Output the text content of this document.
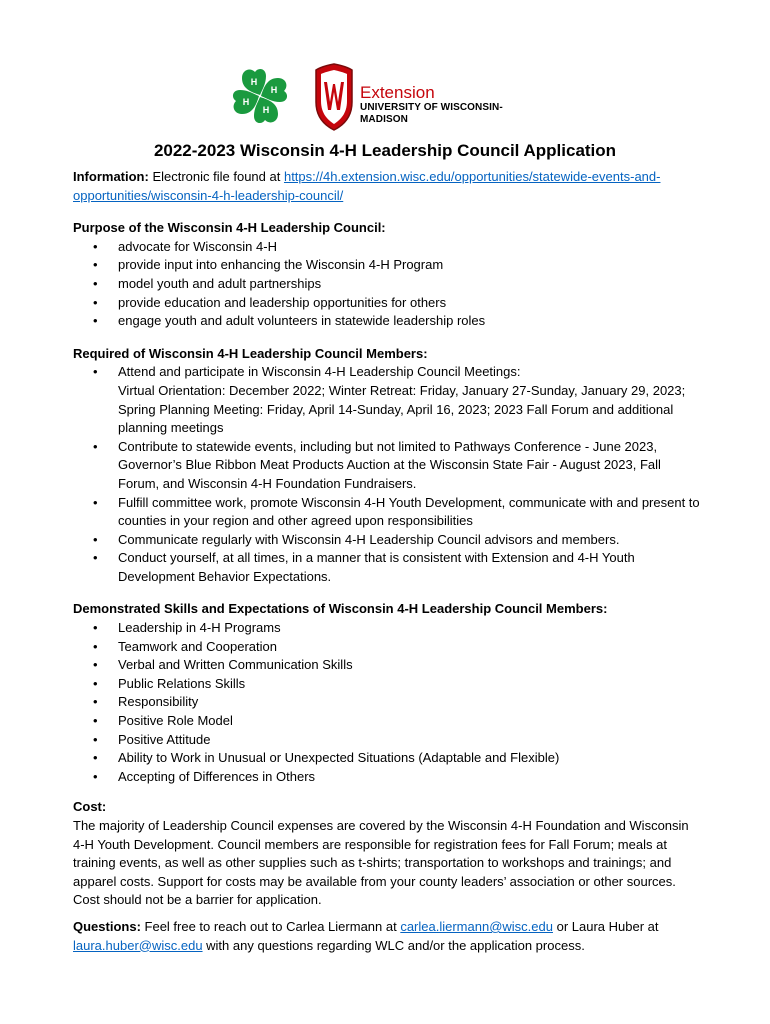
H
H
H
H	Extension
UNIVERSITY OF WISCONSIN-MADISON
2022-2023 Wisconsin 4-H Leadership Council Application

Information: Electronic file found at https://4h.extension.wisc.edu/opportunities/statewide-events-and-opportunities/wisconsin-4-h-leadership-council/

Purpose of the Wisconsin 4-H Leadership Council:

• advocate for Wisconsin 4-H
• provide input into enhancing the Wisconsin 4-H Program
• model youth and adult partnerships
• provide education and leadership opportunities for others
• engage youth and adult volunteers in statewide leadership roles

Required of Wisconsin 4-H Leadership Council Members:

• Attend and participate in Wisconsin 4-H Leadership Council Meetings:
Virtual Orientation: December 2022; Winter Retreat: Friday, January 27-Sunday, January 29, 2023; Spring Planning Meeting: Friday, April 14-Sunday, April 16, 2023; 2023 Fall Forum and additional planning meetings
• Contribute to statewide events, including but not limited to Pathways Conference - June 2023, Governor’s Blue Ribbon Meat Products Auction at the Wisconsin State Fair - August 2023, Fall Forum, and Wisconsin 4-H Foundation Fundraisers.
• Fulfill committee work, promote Wisconsin 4-H Youth Development, communicate with and present to counties in your region and other agreed upon responsibilities
• Communicate regularly with Wisconsin 4-H Leadership Council advisors and members.
• Conduct yourself, at all times, in a manner that is consistent with Extension and 4-H Youth Development Behavior Expectations.

Demonstrated Skills and Expectations of Wisconsin 4-H Leadership Council Members:

• Leadership in 4-H Programs
• Teamwork and Cooperation
• Verbal and Written Communication Skills
• Public Relations Skills
• Responsibility
• Positive Role Model
• Positive Attitude
• Ability to Work in Unusual or Unexpected Situations (Adaptable and Flexible)
• Accepting of Differences in Others

Cost:

The majority of Leadership Council expenses are covered by the Wisconsin 4-H Foundation and Wisconsin 4-H Youth Development. Council members are responsible for registration fees for Fall Forum; meals at training events, as well as other supplies such as t-shirts; transportation to workshops and trainings; and apparel costs. Support for costs may be available from your county leaders’ association or other sources. Cost should not be a barrier for application.

Questions: Feel free to reach out to Carlea Liermann at carlea.liermann@wisc.edu or Laura Huber at laura.huber@wisc.edu with any questions regarding WLC and/or the application process.
